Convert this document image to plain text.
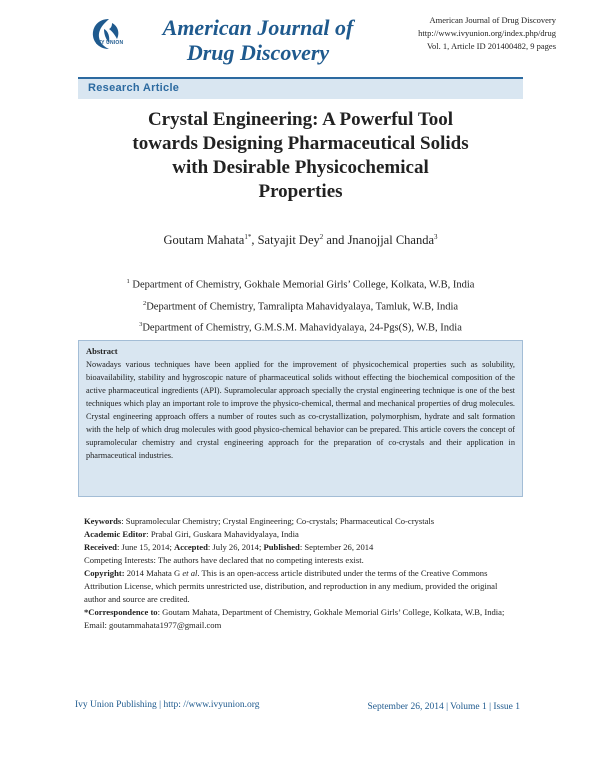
IVY UNION
American Journal of
Drug Discovery
American Journal of Drug Discovery
http://www.ivyunion.org/index.php/drug
Vol. 1, Article ID 201400482, 9 pages
Research Article
Crystal Engineering: A Powerful Tool
towards Designing Pharmaceutical Solids
with Desirable Physicochemical
Properties
Goutam Mahata$^{1*}$, Satyajit Dey$^2$ and Jnanojjal Chanda$^3$
$^1$ Department of Chemistry, Gokhale Memorial Girls’ College, Kolkata, W.B, India
$^2$Department of Chemistry, Tamralipta Mahavidyalaya, Tamluk, W.B, India
$^3$Department of Chemistry, G.M.S.M. Mahavidyalaya, 24-Pgs(S), W.B, India
Abstract
Nowadays various techniques have been applied for the improvement of physicochemical properties such as solubility, bioavailability, stability and hygroscopic nature of pharmaceutical solids without effecting the biochemical composition of the active pharmaceutical ingredients (API). Supramolecular approach specially the crystal engineering technique is one of the best techniques which play an important role to improve the physico-chemical, thermal and mechanical properties of drug molecules. Crystal engineering approach offers a number of routes such as co-crystallization, polymorphism, hydrate and salt formation with the help of which drug molecules with good physico-chemical behavior can be prepared. This article covers the concept of supramolecular chemistry and crystal engineering approach for the preparation of co-crystals and their application in pharmaceutical industries.

Keywords: Supramolecular Chemistry; Crystal Engineering; Co-crystals; Pharmaceutical Co-crystals

Academic Editor: Prabal Giri, Guskara Mahavidyalaya, India

Received: June 15, 2014; Accepted: July 26, 2014; Published: September 26, 2014

Competing Interests: The authors have declared that no competing interests exist.

Copyright: 2014 Mahata G et al. This is an open-access article distributed under the terms of the Creative Commons Attribution License, which permits unrestricted use, distribution, and reproduction in any medium, provided the original author and source are credited.

*Correspondence to: Goutam Mahata, Department of Chemistry, Gokhale Memorial Girls’ College, Kolkata, W.B, India; Email: goutammahata1977@gmail.com

Ivy Union Publishing | http: //www.ivyunion.org	September 26, 2014 | Volume 1 | Issue 1
